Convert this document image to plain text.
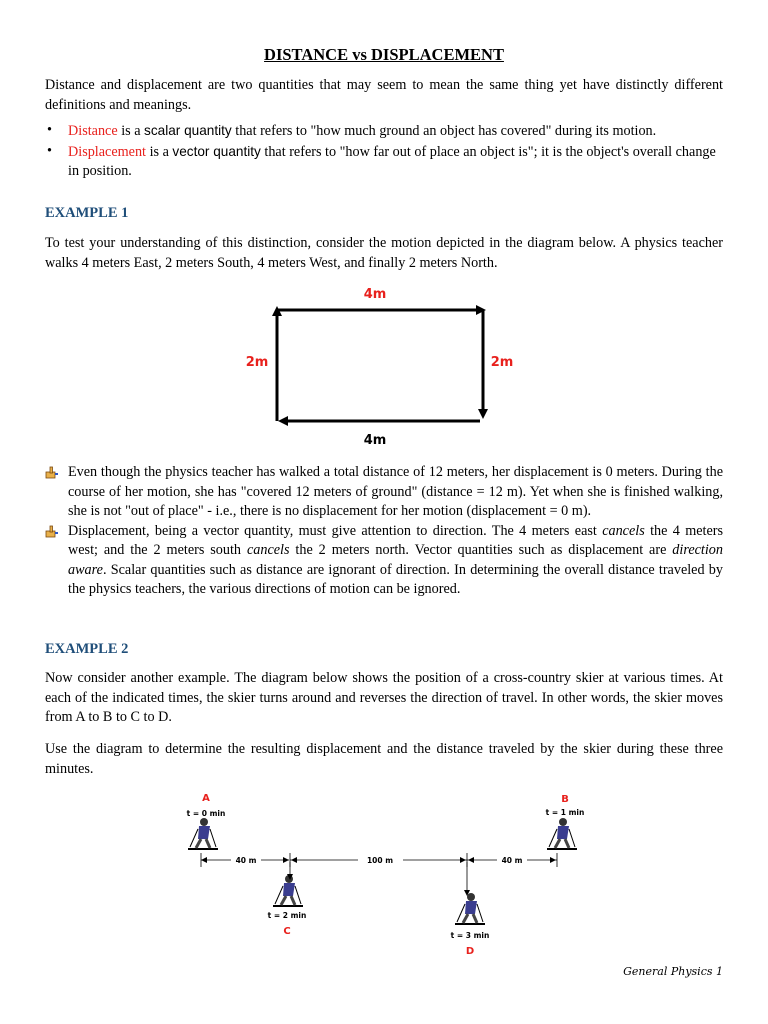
DISTANCE vs DISPLACEMENT

Distance and displacement are two quantities that may seem to mean the same thing yet have distinctly different definitions and meanings.

• Distance is a scalar quantity that refers to "how much ground an object has covered" during its motion.
• Displacement is a vector quantity that refers to "how far out of place an object is"; it is the object's overall change in position.
EXAMPLE 1

To test your understanding of this distinction, consider the motion depicted in the diagram below. A physics teacher walks 4 meters East, 2 meters South, 4 meters West, and finally 2 meters North.

4m
4m
2m	2m
Even though the physics teacher has walked a total distance of 12 meters, her displacement is 0 meters. During the course of her motion, she has "covered 12 meters of ground" (distance = 12 m). Yet when she is finished walking, she is not "out of place" - i.e., there is no displacement for her motion (displacement = 0 m).
Displacement, being a vector quantity, must give attention to direction. The 4 meters east cancels the 4 meters west; and the 2 meters south cancels the 2 meters north. Vector quantities such as displacement are direction aware. Scalar quantities such as distance are ignorant of direction. In determining the overall distance traveled by the physics teachers, the various directions of motion can be ignored.
EXAMPLE 2

Now consider another example. The diagram below shows the position of a cross-country skier at various times. At each of the indicated times, the skier turns around and reverses the direction of travel. In other words, the skier moves from A to B to C to D.

Use the diagram to determine the resulting displacement and the distance traveled by the skier during these three minutes.

A
t = 0 min
B
t = 1 min
t = 2 min
C	t = 3 min
D
40 m	100 m	40 m
General Physics 1
